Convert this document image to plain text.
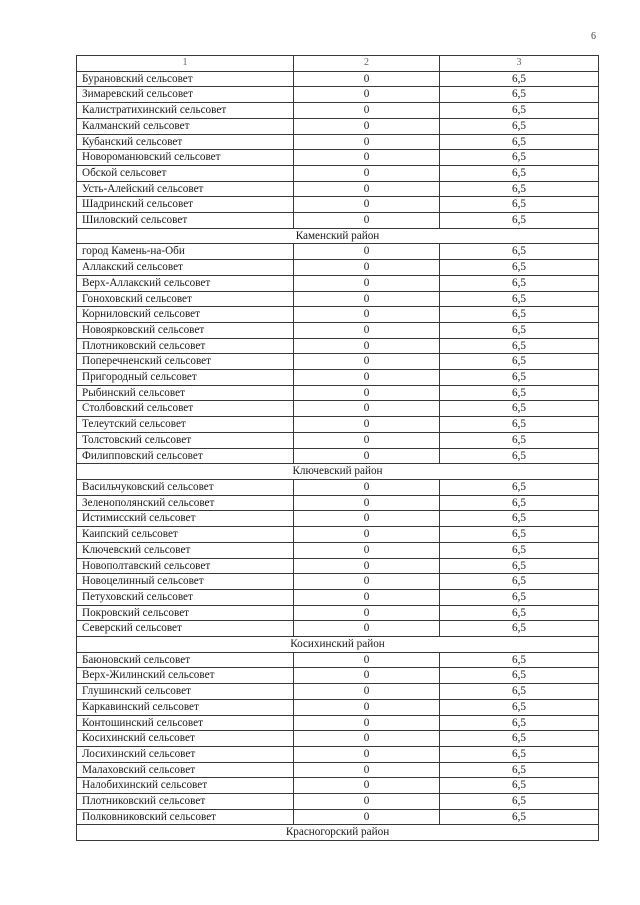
6
1	2	3
Бурановский сельсовет	0	6,5
Зимаревский сельсовет	0	6,5
Калистратихинский сельсовет	0	6,5
Калманский сельсовет	0	6,5
Кубанский сельсовет	0	6,5
Новороманювский сельсовет	0	6,5
Обской сельсовет	0	6,5
Усть-Алейский сельсовет	0	6,5
Шадринский сельсовет	0	6,5
Шиловский сельсовет	0	6,5
Каменский район		
город Камень-на-Оби	0	6,5
Аллакский сельсовет	0	6,5
Верх-Аллакский сельсовет	0	6,5
Гоноховский сельсовет	0	6,5
Корниловский сельсовет	0	6,5
Новоярковский сельсовет	0	6,5
Плотниковский сельсовет	0	6,5
Поперечненский сельсовет	0	6,5
Пригородный сельсовет	0	6,5
Рыбинский сельсовет	0	6,5
Столбовский сельсовет	0	6,5
Телеутский сельсовет	0	6,5
Толстовский сельсовет	0	6,5
Филипповский сельсовет	0	6,5
Ключевский район		
Васильчуковский сельсовет	0	6,5
Зеленополянский сельсовет	0	6,5
Истимисский сельсовет	0	6,5
Каипский сельсовет	0	6,5
Ключевский сельсовет	0	6,5
Новополтавский сельсовет	0	6,5
Новоцелинный сельсовет	0	6,5
Петуховский сельсовет	0	6,5
Покровский сельсовет	0	6,5
Северский сельсовет	0	6,5
Косихинский район		
Баюновский сельсовет	0	6,5
Верх-Жилинский сельсовет	0	6,5
Глушинский сельсовет	0	6,5
Каркавинский сельсовет	0	6,5
Контошинский сельсовет	0	6,5
Косихинский сельсовет	0	6,5
Лосихинский сельсовет	0	6,5
Малаховский сельсовет	0	6,5
Налобихинский сельсовет	0	6,5
Плотниковский сельсовет	0	6,5
Полковниковский сельсовет	0	6,5
Красногорский район		
